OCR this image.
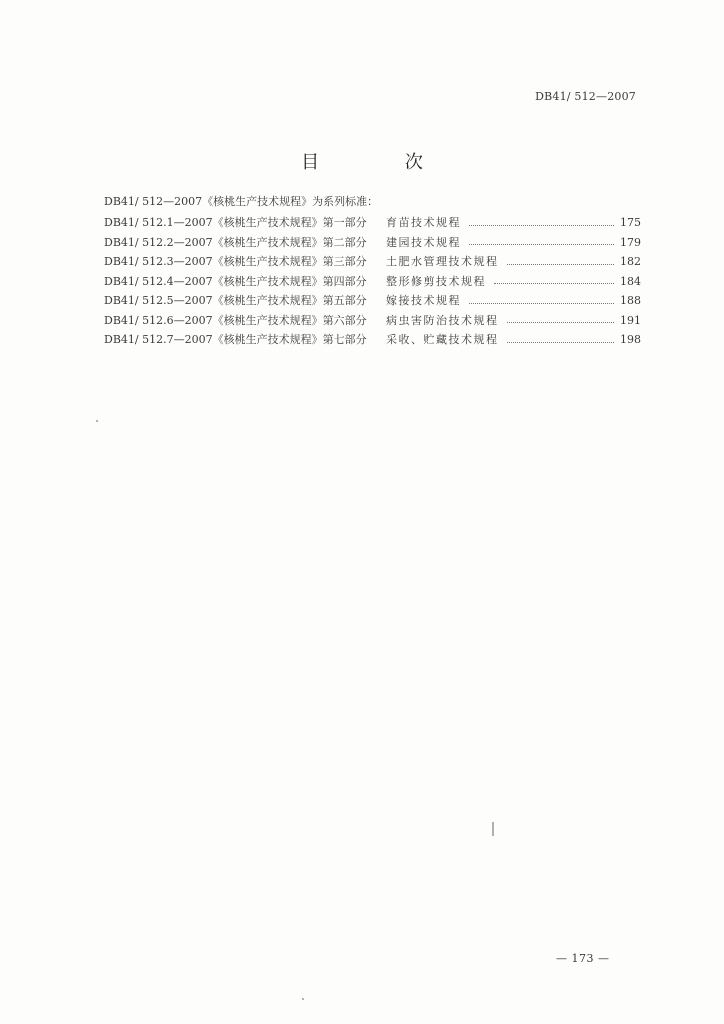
DB41/ 512—2007
目 次
DB41/ 512—2007《核桃生产技术规程》为系列标准：
DB41/ 512.1—2007《核桃生产技术规程》第一部分	育苗技术规程	175
DB41/ 512.2—2007《核桃生产技术规程》第二部分	建园技术规程	179
DB41/ 512.3—2007《核桃生产技术规程》第三部分	土肥水管理技术规程	182
DB41/ 512.4—2007《核桃生产技术规程》第四部分	整形修剪技术规程	184
DB41/ 512.5—2007《核桃生产技术规程》第五部分	嫁接技术规程	188
DB41/ 512.6—2007《核桃生产技术规程》第六部分	病虫害防治技术规程	191
DB41/ 512.7—2007《核桃生产技术规程》第七部分	采收、贮藏技术规程	198
— 173 —
